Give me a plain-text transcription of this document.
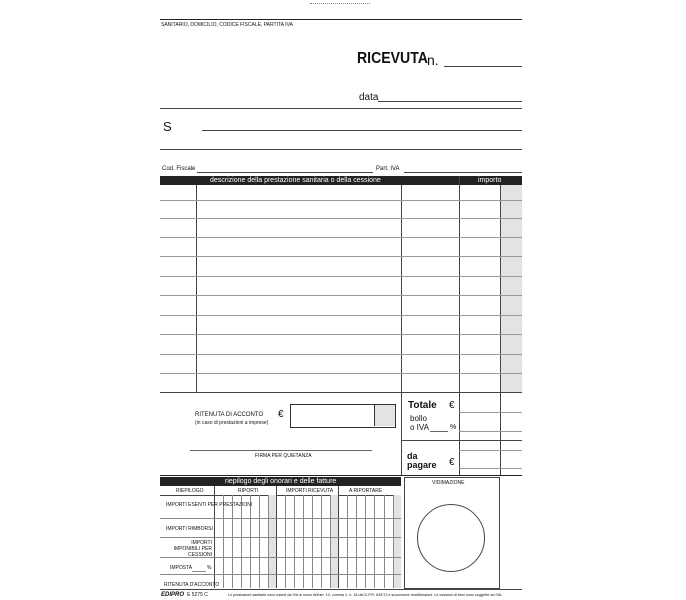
SANITARIO, DOMICILIO, CODICE FISCALE, PARTITA IVA
RICEVUTA n.
data
S
Cod. Fiscale	Part. IVA
descrizione della prestazione sanitaria o della cessione	importo
RITENUTA DI ACCONTO
(in caso di prestazioni a imprese)
€
FIRMA PER QUIETANZA
Totale €
bollo
o IVA	%
da
pagare €
riepilogo degli onorari e delle fatture
RIEPILOGO	RIPORTI	IMPORTI RICEVUTA	A RIPORTARE
IMPORTI ESENTI PER PRESTAZIONI
IMPORTI RIMBORSI
IMPORTI IMPONIBILI PER CESSIONI
IMPOSTA	%
RITENUTA D'ACCONTO
VIDIMAZIONE
EDIPRO E 5275 C	Le prestazioni sanitarie sono esenti da IVA ai sensi dell'art. 10, comma 1, n. 18 del D.P.R. 633/72 e successive modificazioni. Le cessioni di beni sono soggette ad IVA.
